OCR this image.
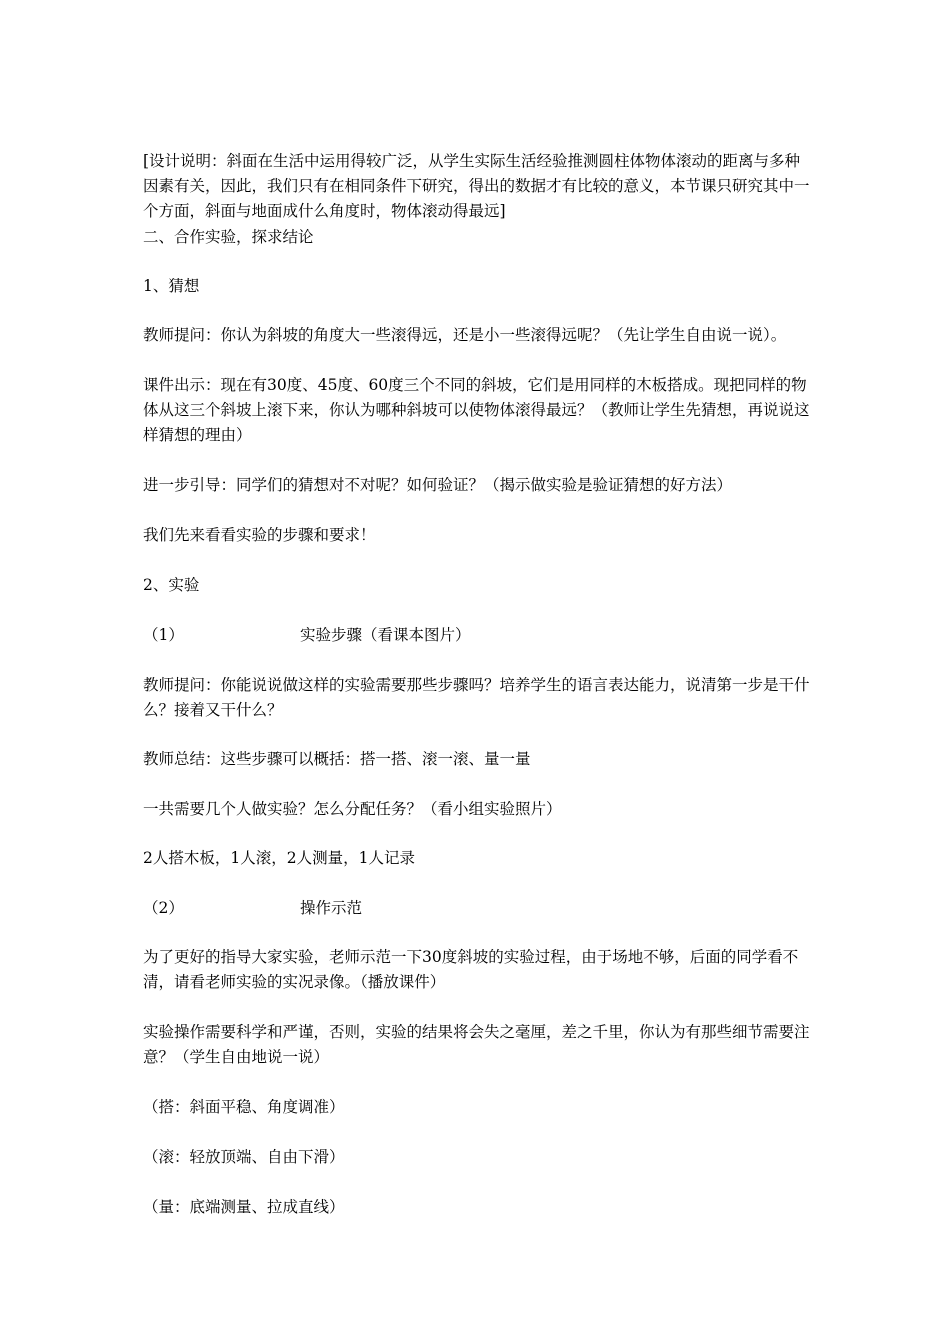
[设计说明：斜面在生活中运用得较广泛，从学生实际生活经验推测圆柱体物体滚动的距离与多种因素有关，因此，我们只有在相同条件下研究，得出的数据才有比较的意义，本节课只研究其中一个方面，斜面与地面成什么角度时，物体滚动得最远]

二、合作实验，探求结论

1、猜想

教师提问：你认为斜坡的角度大一些滚得远，还是小一些滚得远呢？（先让学生自由说一说）。

课件出示：现在有30度、45度、60度三个不同的斜坡，它们是用同样的木板搭成。现把同样的物体从这三个斜坡上滚下来，你认为哪种斜坡可以使物体滚得最远？（教师让学生先猜想，再说说这样猜想的理由）

进一步引导：同学们的猜想对不对呢？如何验证？（揭示做实验是验证猜想的好方法）

我们先来看看实验的步骤和要求！

2、实验

（1）	实验步骤（看课本图片）

教师提问：你能说说做这样的实验需要那些步骤吗？培养学生的语言表达能力，说清第一步是干什么？接着又干什么？

教师总结：这些步骤可以概括：搭一搭、滚一滚、量一量

一共需要几个人做实验？怎么分配任务？（看小组实验照片）

2人搭木板，1人滚，2人测量，1人记录

（2）	操作示范

为了更好的指导大家实验，老师示范一下30度斜坡的实验过程，由于场地不够，后面的同学看不清，请看老师实验的实况录像。（播放课件）

实验操作需要科学和严谨，否则，实验的结果将会失之毫厘，差之千里，你认为有那些细节需要注意？（学生自由地说一说）

（搭：斜面平稳、角度调准）

（滚：轻放顶端、自由下滑）

（量：底端测量、拉成直线）
